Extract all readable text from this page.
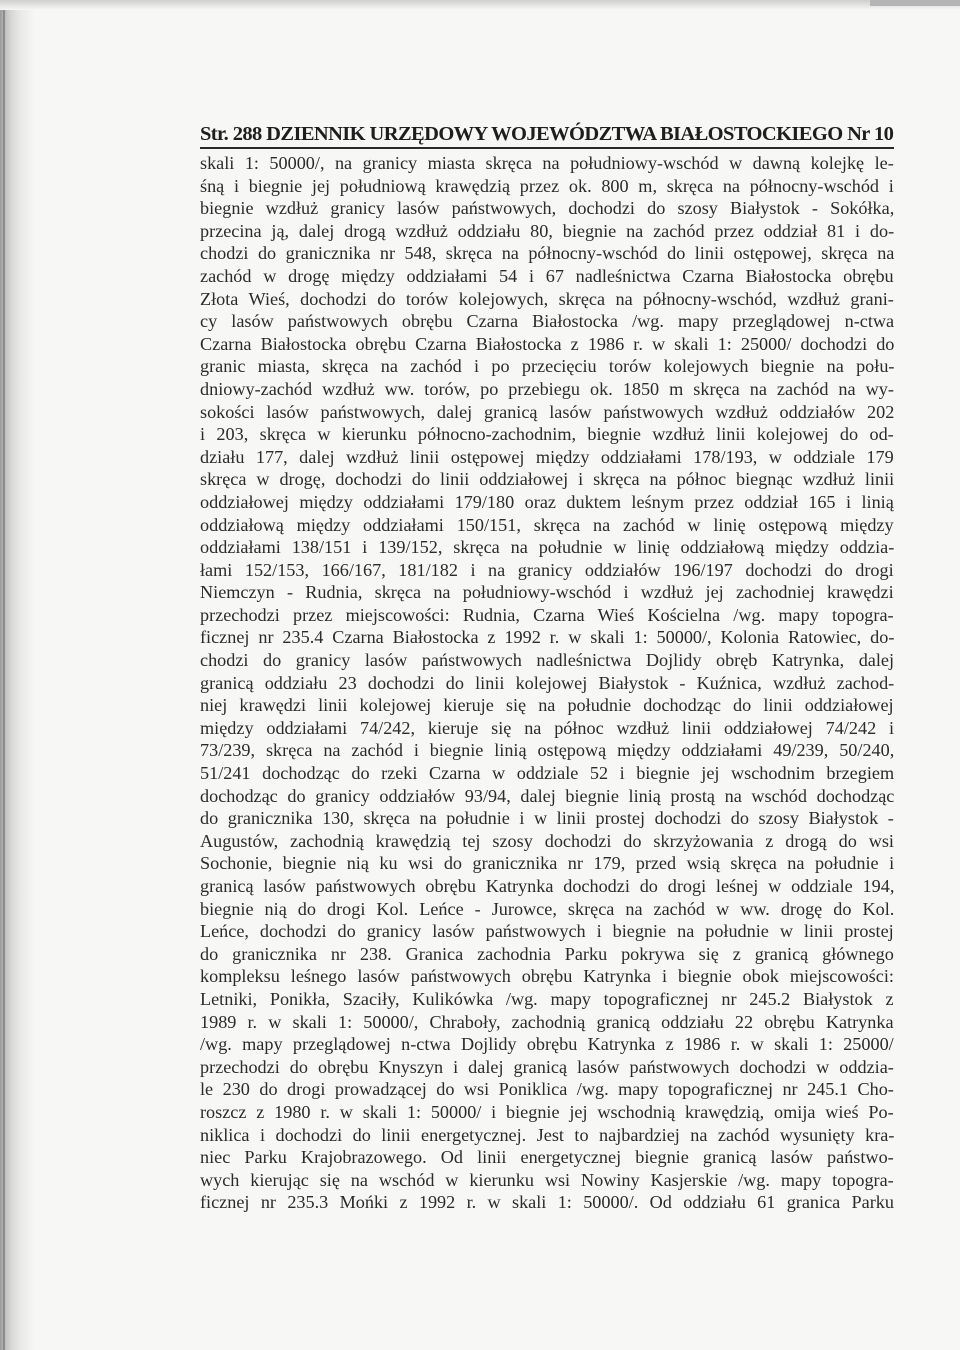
Str. 288 DZIENNIK URZĘDOWY WOJEWÓDZTWA BIAŁOSTOCKIEGO Nr 10
skali 1: 50000/, na granicy miasta skręca na południowy-wschód w dawną kolejkę le-
śną i biegnie jej południową krawędzią przez ok. 800 m, skręca na północny-wschód i
biegnie wzdłuż granicy lasów państwowych, dochodzi do szosy Białystok - Sokółka,
przecina ją, dalej drogą wzdłuż oddziału 80, biegnie na zachód przez oddział 81 i do-
chodzi do granicznika nr 548, skręca na północny-wschód do linii ostępowej, skręca na
zachód w drogę między oddziałami 54 i 67 nadleśnictwa Czarna Białostocka obrębu
Złota Wieś, dochodzi do torów kolejowych, skręca na północny-wschód, wzdłuż grani-
cy lasów państwowych obrębu Czarna Białostocka /wg. mapy przeglądowej n-ctwa
Czarna Białostocka obrębu Czarna Białostocka z 1986 r. w skali 1: 25000/ dochodzi do
granic miasta, skręca na zachód i po przecięciu torów kolejowych biegnie na połu-
dniowy-zachód wzdłuż ww. torów, po przebiegu ok. 1850 m skręca na zachód na wy-
sokości lasów państwowych, dalej granicą lasów państwowych wzdłuż oddziałów 202
i 203, skręca w kierunku północno-zachodnim, biegnie wzdłuż linii kolejowej do od-
działu 177, dalej wzdłuż linii ostępowej między oddziałami 178/193, w oddziale 179
skręca w drogę, dochodzi do linii oddziałowej i skręca na północ biegnąc wzdłuż linii
oddziałowej między oddziałami 179/180 oraz duktem leśnym przez oddział 165 i linią
oddziałową między oddziałami 150/151, skręca na zachód w linię ostępową między
oddziałami 138/151 i 139/152, skręca na południe w linię oddziałową między oddzia-
łami 152/153, 166/167, 181/182 i na granicy oddziałów 196/197 dochodzi do drogi
Niemczyn - Rudnia, skręca na południowy-wschód i wzdłuż jej zachodniej krawędzi
przechodzi przez miejscowości: Rudnia, Czarna Wieś Kościelna /wg. mapy topogra-
ficznej nr 235.4 Czarna Białostocka z 1992 r. w skali 1: 50000/, Kolonia Ratowiec, do-
chodzi do granicy lasów państwowych nadleśnictwa Dojlidy obręb Katrynka, dalej
granicą oddziału 23 dochodzi do linii kolejowej Białystok - Kuźnica, wzdłuż zachod-
niej krawędzi linii kolejowej kieruje się na południe dochodząc do linii oddziałowej
między oddziałami 74/242, kieruje się na północ wzdłuż linii oddziałowej 74/242 i
73/239, skręca na zachód i biegnie linią ostępową między oddziałami 49/239, 50/240,
51/241 dochodząc do rzeki Czarna w oddziale 52 i biegnie jej wschodnim brzegiem
dochodząc do granicy oddziałów 93/94, dalej biegnie linią prostą na wschód dochodząc
do granicznika 130, skręca na południe i w linii prostej dochodzi do szosy Białystok -
Augustów, zachodnią krawędzią tej szosy dochodzi do skrzyżowania z drogą do wsi
Sochonie, biegnie nią ku wsi do granicznika nr 179, przed wsią skręca na południe i
granicą lasów państwowych obrębu Katrynka dochodzi do drogi leśnej w oddziale 194,
biegnie nią do drogi Kol. Leńce - Jurowce, skręca na zachód w ww. drogę do Kol.
Leńce, dochodzi do granicy lasów państwowych i biegnie na południe w linii prostej
do granicznika nr 238. Granica zachodnia Parku pokrywa się z granicą głównego
kompleksu leśnego lasów państwowych obrębu Katrynka i biegnie obok miejscowości:
Letniki, Ponikła, Szaciły, Kulikówka /wg. mapy topograficznej nr 245.2 Białystok z
1989 r. w skali 1: 50000/, Chraboły, zachodnią granicą oddziału 22 obrębu Katrynka
/wg. mapy przeglądowej n-ctwa Dojlidy obrębu Katrynka z 1986 r. w skali 1: 25000/
przechodzi do obrębu Knyszyn i dalej granicą lasów państwowych dochodzi w oddzia-
le 230 do drogi prowadzącej do wsi Poniklica /wg. mapy topograficznej nr 245.1 Cho-
roszcz z 1980 r. w skali 1: 50000/ i biegnie jej wschodnią krawędzią, omija wieś Po-
niklica i dochodzi do linii energetycznej. Jest to najbardziej na zachód wysunięty kra-
niec Parku Krajobrazowego. Od linii energetycznej biegnie granicą lasów państwo-
wych kierując się na wschód w kierunku wsi Nowiny Kasjerskie /wg. mapy topogra-
ficznej nr 235.3 Mońki z 1992 r. w skali 1: 50000/. Od oddziału 61 granica Parku
